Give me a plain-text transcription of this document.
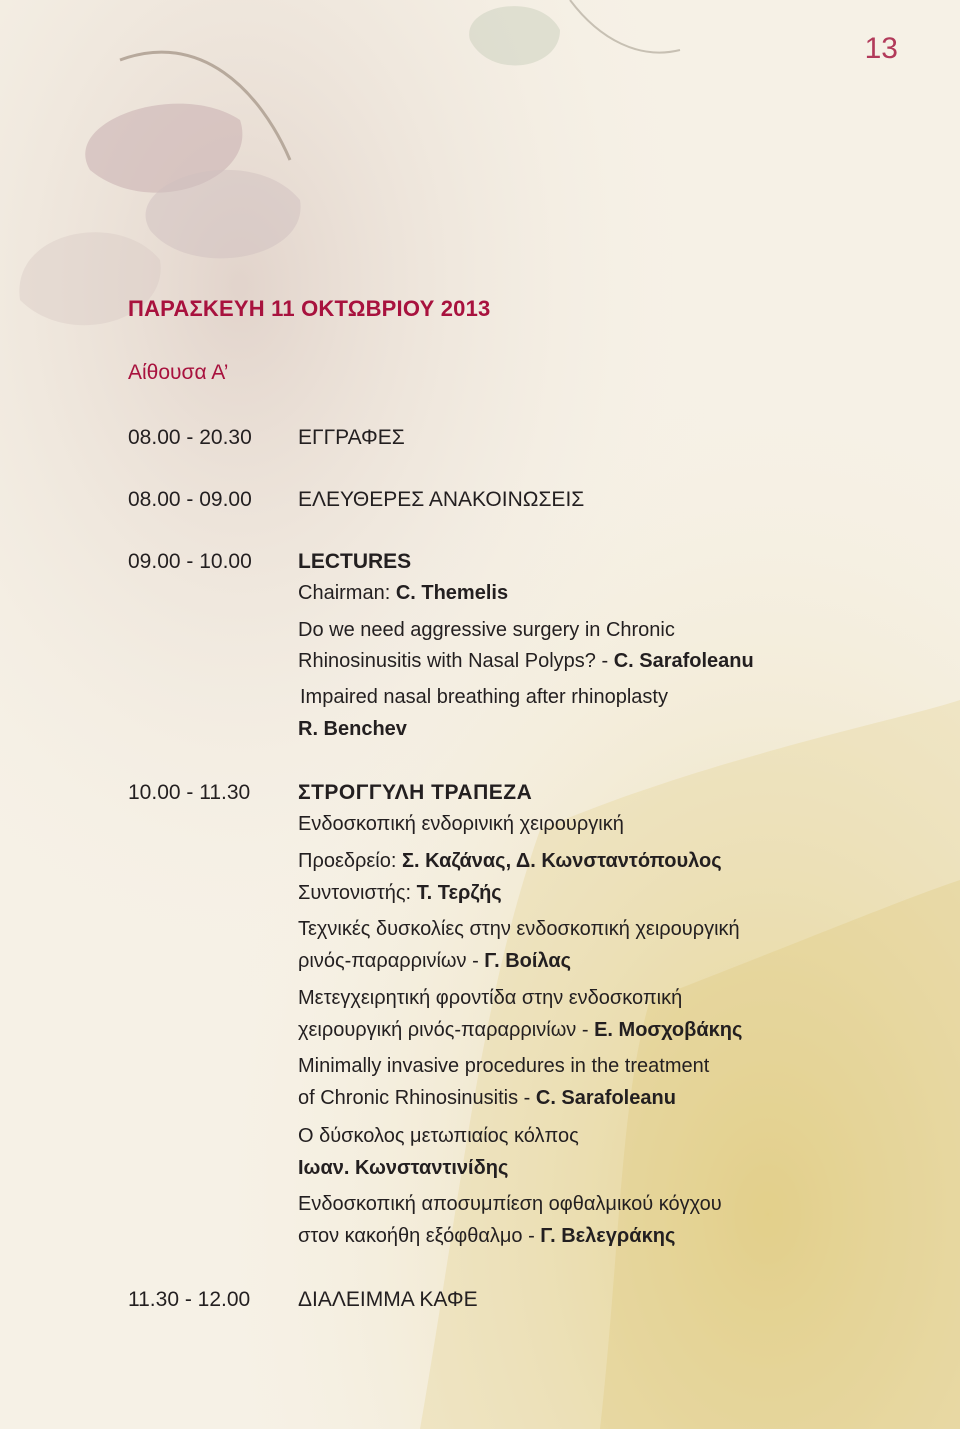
13
ΠΑΡΑΣΚΕΥΗ 11 ΟΚΤΩΒΡΙΟΥ 2013
Αίθουσα Α’
08.00 - 20.30 ΕΓΓΡΑΦΕΣ
08.00 - 09.00 ΕΛΕΥΘΕΡΕΣ ΑΝΑΚΟΙΝΩΣΕΙΣ
09.00 - 10.00 LECTURES
Chairman: C. Themelis
Do we need aggressive surgery in Chronic
Rhinosinusitis with Nasal Polyps? - C. Sarafoleanu
Impaired nasal breathing after rhinoplasty
R. Benchev
10.00 - 11.30 ΣΤΡΟΓΓΥΛΗ ΤΡΑΠΕΖΑ
Ενδοσκοπική ενδορινική χειρουργική
Προεδρείο: Σ. Καζάνας, Δ. Κωνσταντόπουλος
Συντονιστής: Τ. Τερζής
Τεχνικές δυσκολίες στην ενδοσκοπική χειρουργική
ρινός-παραρρινίων - Γ. Βοίλας
Μετεγχειρητική φροντίδα στην ενδοσκοπική
χειρουργική ρινός-παραρρινίων - Ε. Μοσχοβάκης
Minimally invasive procedures in the treatment
of Chronic Rhinosinusitis - C. Sarafoleanu
Ο δύσκολος μετωπιαίος κόλπος
Ιωαν. Κωνσταντινίδης
Ενδοσκοπική αποσυμπίεση οφθαλμικού κόγχου
στον κακοήθη εξόφθαλμο - Γ. Βελεγράκης
11.30 - 12.00 ΔΙΑΛΕΙΜΜΑ ΚΑΦΕ
